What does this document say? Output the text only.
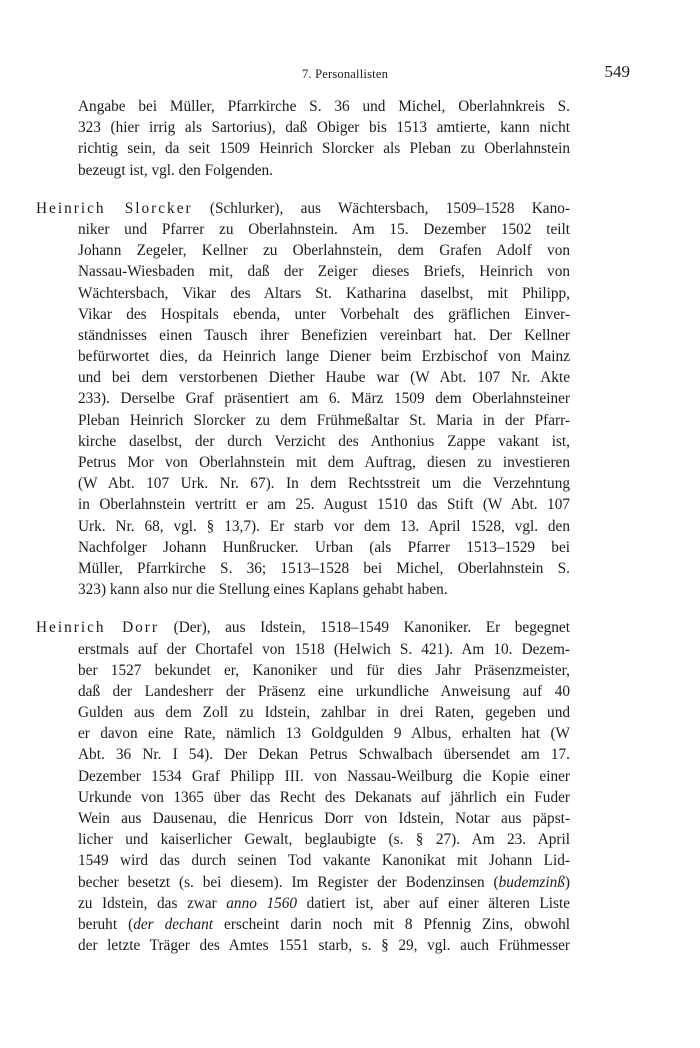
7. Personallisten	549
Angabe bei Müller, Pfarrkirche S. 36 und Michel, Oberlahnkreis S.
323 (hier irrig als Sartorius), daß Obiger bis 1513 amtierte, kann nicht
richtig sein, da seit 1509 Heinrich Slorcker als Pleban zu Oberlahnstein
bezeugt ist, vgl. den Folgenden.
Heinrich Slorcker (Schlurker), aus Wächtersbach, 1509–1528 Kano-
niker und Pfarrer zu Oberlahnstein. Am 15. Dezember 1502 teilt
Johann Zegeler, Kellner zu Oberlahnstein, dem Grafen Adolf von
Nassau-Wiesbaden mit, daß der Zeiger dieses Briefs, Heinrich von
Wächtersbach, Vikar des Altars St. Katharina daselbst, mit Philipp,
Vikar des Hospitals ebenda, unter Vorbehalt des gräflichen Einver-
ständnisses einen Tausch ihrer Benefizien vereinbart hat. Der Kellner
befürwortet dies, da Heinrich lange Diener beim Erzbischof von Mainz
und bei dem verstorbenen Diether Haube war (W Abt. 107 Nr. Akte
233). Derselbe Graf präsentiert am 6. März 1509 dem Oberlahnsteiner
Pleban Heinrich Slorcker zu dem Frühmeßaltar St. Maria in der Pfarr-
kirche daselbst, der durch Verzicht des Anthonius Zappe vakant ist,
Petrus Mor von Oberlahnstein mit dem Auftrag, diesen zu investieren
(W Abt. 107 Urk. Nr. 67). In dem Rechtsstreit um die Verzehntung
in Oberlahnstein vertritt er am 25. August 1510 das Stift (W Abt. 107
Urk. Nr. 68, vgl. § 13,7). Er starb vor dem 13. April 1528, vgl. den
Nachfolger Johann Hunßrucker. Urban (als Pfarrer 1513–1529 bei
Müller, Pfarrkirche S. 36; 1513–1528 bei Michel, Oberlahnstein S.
323) kann also nur die Stellung eines Kaplans gehabt haben.
Heinrich Dorr (Der), aus Idstein, 1518–1549 Kanoniker. Er begegnet
erstmals auf der Chortafel von 1518 (Helwich S. 421). Am 10. Dezem-
ber 1527 bekundet er, Kanoniker und für dies Jahr Präsenzmeister,
daß der Landesherr der Präsenz eine urkundliche Anweisung auf 40
Gulden aus dem Zoll zu Idstein, zahlbar in drei Raten, gegeben und
er davon eine Rate, nämlich 13 Goldgulden 9 Albus, erhalten hat (W
Abt. 36 Nr. I 54). Der Dekan Petrus Schwalbach übersendet am 17.
Dezember 1534 Graf Philipp III. von Nassau-Weilburg die Kopie einer
Urkunde von 1365 über das Recht des Dekanats auf jährlich ein Fuder
Wein aus Dausenau, die Henricus Dorr von Idstein, Notar aus päpst-
licher und kaiserlicher Gewalt, beglaubigte (s. § 27). Am 23. April
1549 wird das durch seinen Tod vakante Kanonikat mit Johann Lid-
becher besetzt (s. bei diesem). Im Register der Bodenzinsen (budemzinß)
zu Idstein, das zwar anno 1560 datiert ist, aber auf einer älteren Liste
beruht (der dechant erscheint darin noch mit 8 Pfennig Zins, obwohl
der letzte Träger des Amtes 1551 starb, s. § 29, vgl. auch Frühmesser
